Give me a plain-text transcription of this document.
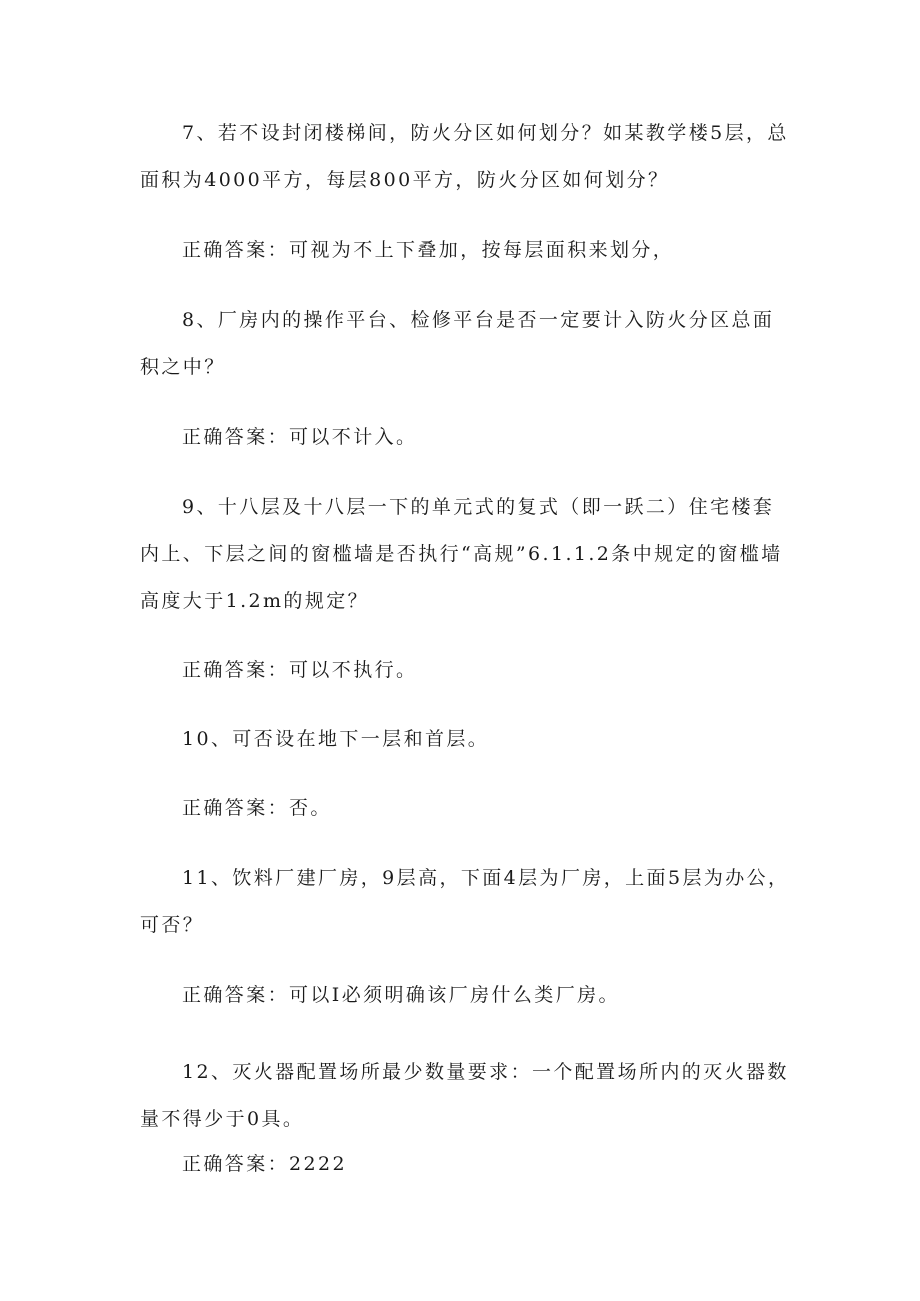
7、若不设封闭楼梯间，防火分区如何划分？如某教学楼5层，总面积为4000平方，每层800平方，防火分区如何划分？

正确答案：可视为不上下叠加，按每层面积来划分，

8、厂房内的操作平台、检修平台是否一定要计入防火分区总面积之中？

正确答案：可以不计入。

9、十八层及十八层一下的单元式的复式（即一跃二）住宅楼套内上、下层之间的窗槛墙是否执行“高规”6.1.1.2条中规定的窗槛墙高度大于1.2m的规定？

正确答案：可以不执行。

10、可否设在地下一层和首层。

正确答案：否。

11、饮料厂建厂房，9层高，下面4层为厂房，上面5层为办公，可否？

正确答案：可以I必须明确该厂房什么类厂房。

12、灭火器配置场所最少数量要求：一个配置场所内的灭火器数量不得少于0具。

正确答案：2222
